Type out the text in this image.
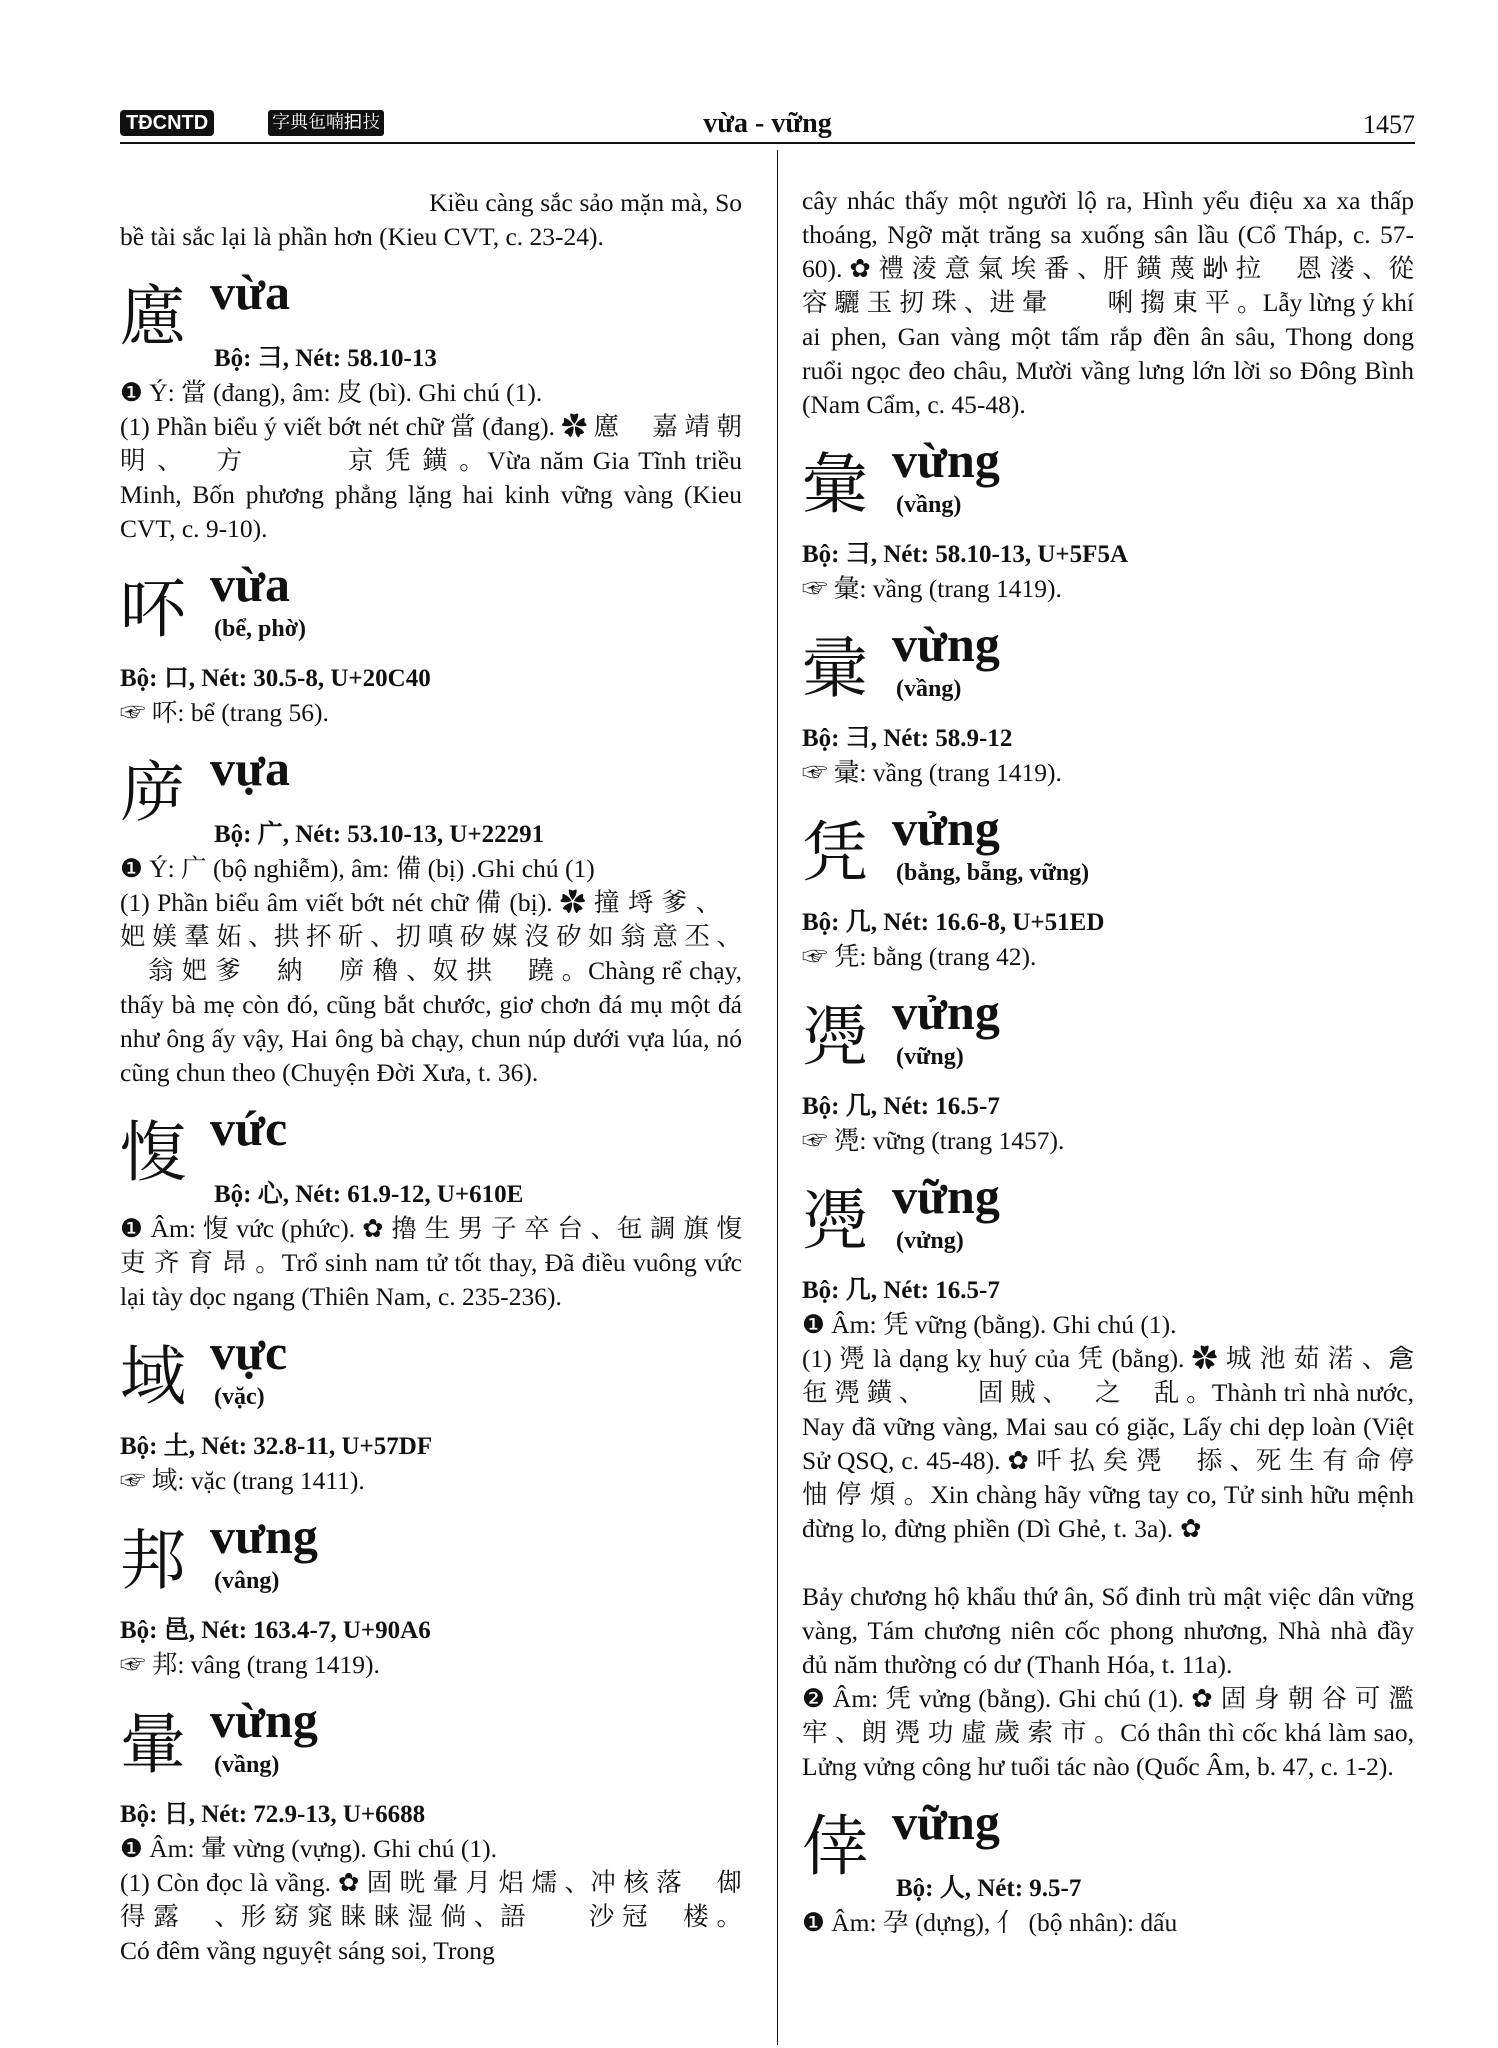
TĐCNTD	字典㐌喃𢪏𢪊	vừa - vững	1457

𩛂 麋 、搊 㨂 才 色 吏 畀 份 𡎦 。Kiều càng sắc sảo mặn mà, So bề tài sắc lại là phần hơn (Kieu CVT, c. 23-24).

㢜 vừa

Bộ: 彐, Nét: 58.10-13

❶ Ý: 當 (đang), âm: 皮 (bì). Ghi chú (1).

(1) Phần biểu ý viết bớt nét chữ 當 (đang). ✿ 㢜 𡗶 嘉 靖 朝 明 、𦊚 方 𢩮 𣷷 𠄩 京 凭 鐄 。Vừa năm Gia Tĩnh triều Minh, Bốn phương phẳng lặng hai kinh vững vàng (Kieu CVT, c. 9-10).

吥 vừa
(bể, phờ)

Bộ: 口, Nét: 30.5-8, U+20C40

☞ 吥: bể (trang 56).

㡿 vựa

Bộ: 广, Nét: 53.10-13, U+22291

❶ Ý: 广 (bộ nghiễm), âm: 備 (bị) .Ghi chú (1)

(1) Phần biểu âm viết bớt nét chữ 備 (bị). ✿ 撞 埓 爹 、𧡊 妑 媄 羣 妬 、拱 抔 斫 、㧅 嗔 矽 媒 沒 矽 如 翁 意 丕 、𠄩 翁 妑 爹 𡏧 納 𣳔 㡿 穭 、奴 拱 𡏧 蹺 。Chàng rể chạy, thấy bà mẹ còn đó, cũng bắt chước, giơ chơn đá mụ một đá như ông ấy vậy, Hai ông bà chạy, chun núp dưới vựa lúa, nó cũng chun theo (Chuyện Đời Xưa, t. 36).

愎 vức

Bộ: 心, Nét: 61.9-12, U+610E

❶ Âm: 愎 vức (phức). ✿ 擼 生 男 子 卒 台 、㐌 調 旗 愎 吏 齐 育 昂 。Trổ sinh nam tử tốt thay, Đã điều vuông vức lại tày dọc ngang (Thiên Nam, c. 235-236).

域 vực
(vặc)

Bộ: 土, Nét: 32.8-11, U+57DF

☞ 域: vặc (trang 1411).

邦 vưng
(vâng)

Bộ: 邑, Nét: 163.4-7, U+90A6

☞ 邦: vâng (trang 1419).

暈 vừng
(vầng)

Bộ: 日, Nét: 72.9-13, U+6688

❶ Âm: 暈 vừng (vựng). Ghi chú (1).

(1) Còn đọc là vầng. ✿ 固 晄 暈 月 焒 燸 、冲 核 落 𧡊 㑢 得 露 𩆲 、形 窈 窕 睐 睐 湿 倘 、語 𠄳 𦢳 沙 冠 𨞺 楼 。Có đêm vầng nguyệt sáng soi, Trong

cây nhác thấy một người lộ ra, Hình yểu điệu xa xa thấp thoáng, Ngỡ mặt trăng sa xuống sân lầu (Cổ Tháp, c. 57-60). ✿ 禮 淩 意 氣 埃 番 、肝 鐄 蔑 𡭧 拉 𨆢 恩 溇 、從 容 驪 玉 扨 珠 、进 暈 𨈒 𠳚 唎 搊 東 平 。Lẫy lừng ý khí ai phen, Gan vàng một tấm rắp đền ân sâu, Thong dong ruổi ngọc đeo châu, Mười vầng lưng lớn lời so Đông Bình (Nam Cẩm, c. 45-48).

彙 vừng
(vầng)

Bộ: 彐, Nét: 58.10-13, U+5F5A

☞ 彙: vầng (trang 1419).

彚 vừng
(vầng)

Bộ: 彐, Nét: 58.9-12

☞ 彚: vầng (trang 1419).

凭 vửng
(bằng, bẵng, vững)

Bộ: 几, Nét: 16.6-8, U+51ED

☞ 凭: bằng (trang 42).

凴 vửng
(vững)

Bộ: 几, Nét: 16.5-7

☞ 凴: vững (trang 1457).

凴 vững
(vửng)

Bộ: 几, Nét: 16.5-7

❶ Âm: 凭 vững (bằng). Ghi chú (1).

(1) 凴 là dạng kỵ huý của 凭 (bằng). ✿ 城 池 茹 渃 、𠉞 㐌 凴 鐄 、𡢐 𡳳 固 賊 、𢬣 之 𢱜 乱 。Thành trì nhà nước, Nay đã vững vàng, Mai sau có giặc, Lấy chi dẹp loàn (Việt Sử QSQ, c. 45-48). ✿ 吀 払 矣 凴 𢯏 掭 、死 生 有 命 停 怞 停 煩 。Xin chàng hãy vững tay co, Tử sinh hữu mệnh đừng lo, đừng phiền (Dì Ghẻ, t. 3a). ✿ 𤤰 章 戶 口 庶 殷 、數 丁 稠 密 役 民 凴 鐄 、𠔭 章 年 穀 豊 穰 、茹 茹 苫 𧀒 𡗶 常 固 餘 。Bảy chương hộ khẩu thứ ân, Số đinh trù mật việc dân vững vàng, Tám chương niên cốc phong nhương, Nhà nhà đầy đủ năm thường có dư (Thanh Hóa, t. 11a).

❷ Âm: 凭 vửng (bằng). Ghi chú (1). ✿ 固 身 朝 谷 可 濫 牢 、朗 凴 功 虛 歲 索 市 。Có thân thì cốc khá làm sao, Lửng vửng công hư tuổi tác nào (Quốc Âm, b. 47, c. 1-2).

倖 vững

Bộ: 人, Nét: 9.5-7

❶ Âm: 孕 (dựng), 亻 (bộ nhân): dấu
